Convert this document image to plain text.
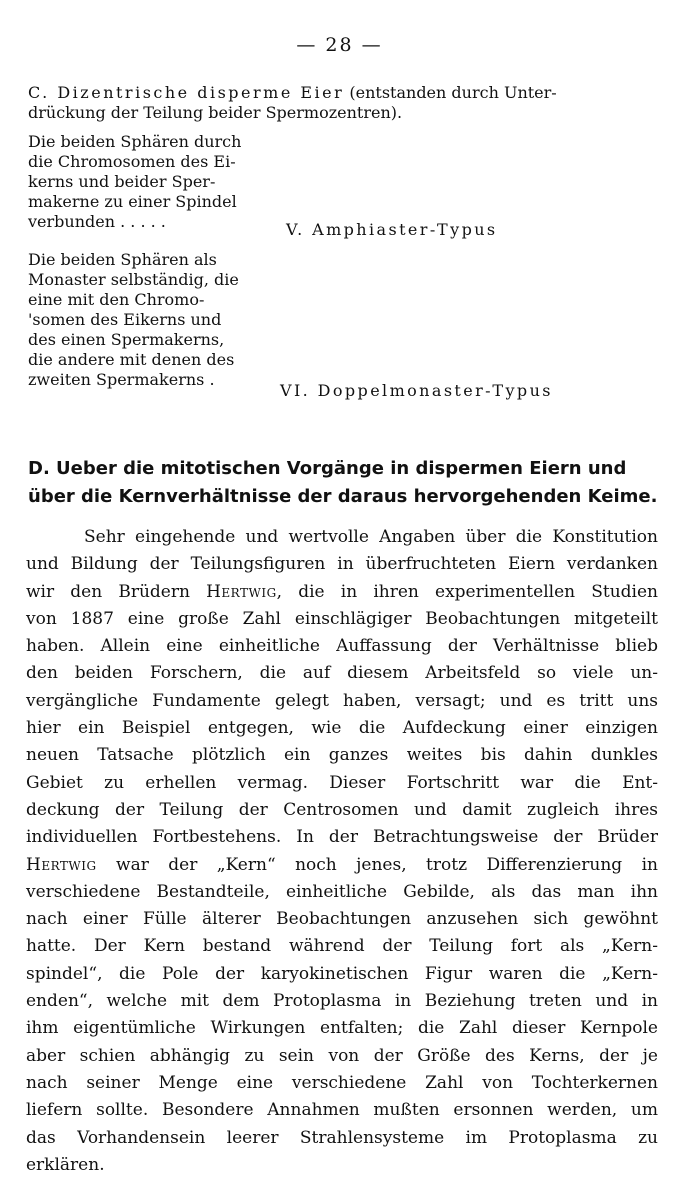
— 28 —
C. Dizentrische disperme Eier (entstanden durch Unter-
drückung der Teilung beider Spermozentren).
Die beiden Sphären durch
die Chromosomen des Ei-
kerns und beider Sper-
makerne zu einer Spindel
verbunden . . . . .	V. Amphiaster-Typus
Die beiden Sphären als
Monaster selbständig, die
eine mit den Chromo-
'somen des Eikerns und
des einen Spermakerns,
die andere mit denen des
zweiten Spermakerns .
VI. Doppelmonaster-Typus
D. Ueber die mitotischen Vorgänge in dispermen Eiern und
über die Kernverhältnisse der daraus hervorgehenden Keime.
Sehr eingehende und wertvolle Angaben über die Konstitution
und Bildung der Teilungsfiguren in überfruchteten Eiern verdanken
wir den Brüdern Hertwig, die in ihren experimentellen Studien
von 1887 eine große Zahl einschlägiger Beobachtungen mitgeteilt
haben. Allein eine einheitliche Auffassung der Verhältnisse blieb
den beiden Forschern, die auf diesem Arbeitsfeld so viele un-
vergängliche Fundamente gelegt haben, versagt; und es tritt uns
hier ein Beispiel entgegen, wie die Aufdeckung einer einzigen
neuen Tatsache plötzlich ein ganzes weites bis dahin dunkles
Gebiet zu erhellen vermag. Dieser Fortschritt war die Ent-
deckung der Teilung der Centrosomen und damit zugleich ihres
individuellen Fortbestehens. In der Betrachtungsweise der Brüder
Hertwig war der „Kern“ noch jenes, trotz Differenzierung in
verschiedene Bestandteile, einheitliche Gebilde, als das man ihn
nach einer Fülle älterer Beobachtungen anzusehen sich gewöhnt
hatte. Der Kern bestand während der Teilung fort als „Kern-
spindel“, die Pole der karyokinetischen Figur waren die „Kern-
enden“, welche mit dem Protoplasma in Beziehung treten und in
ihm eigentümliche Wirkungen entfalten; die Zahl dieser Kernpole
aber schien abhängig zu sein von der Größe des Kerns, der je
nach seiner Menge eine verschiedene Zahl von Tochterkernen
liefern sollte. Besondere Annahmen mußten ersonnen werden, um
das Vorhandensein leerer Strahlensysteme im Protoplasma zu
erklären.
